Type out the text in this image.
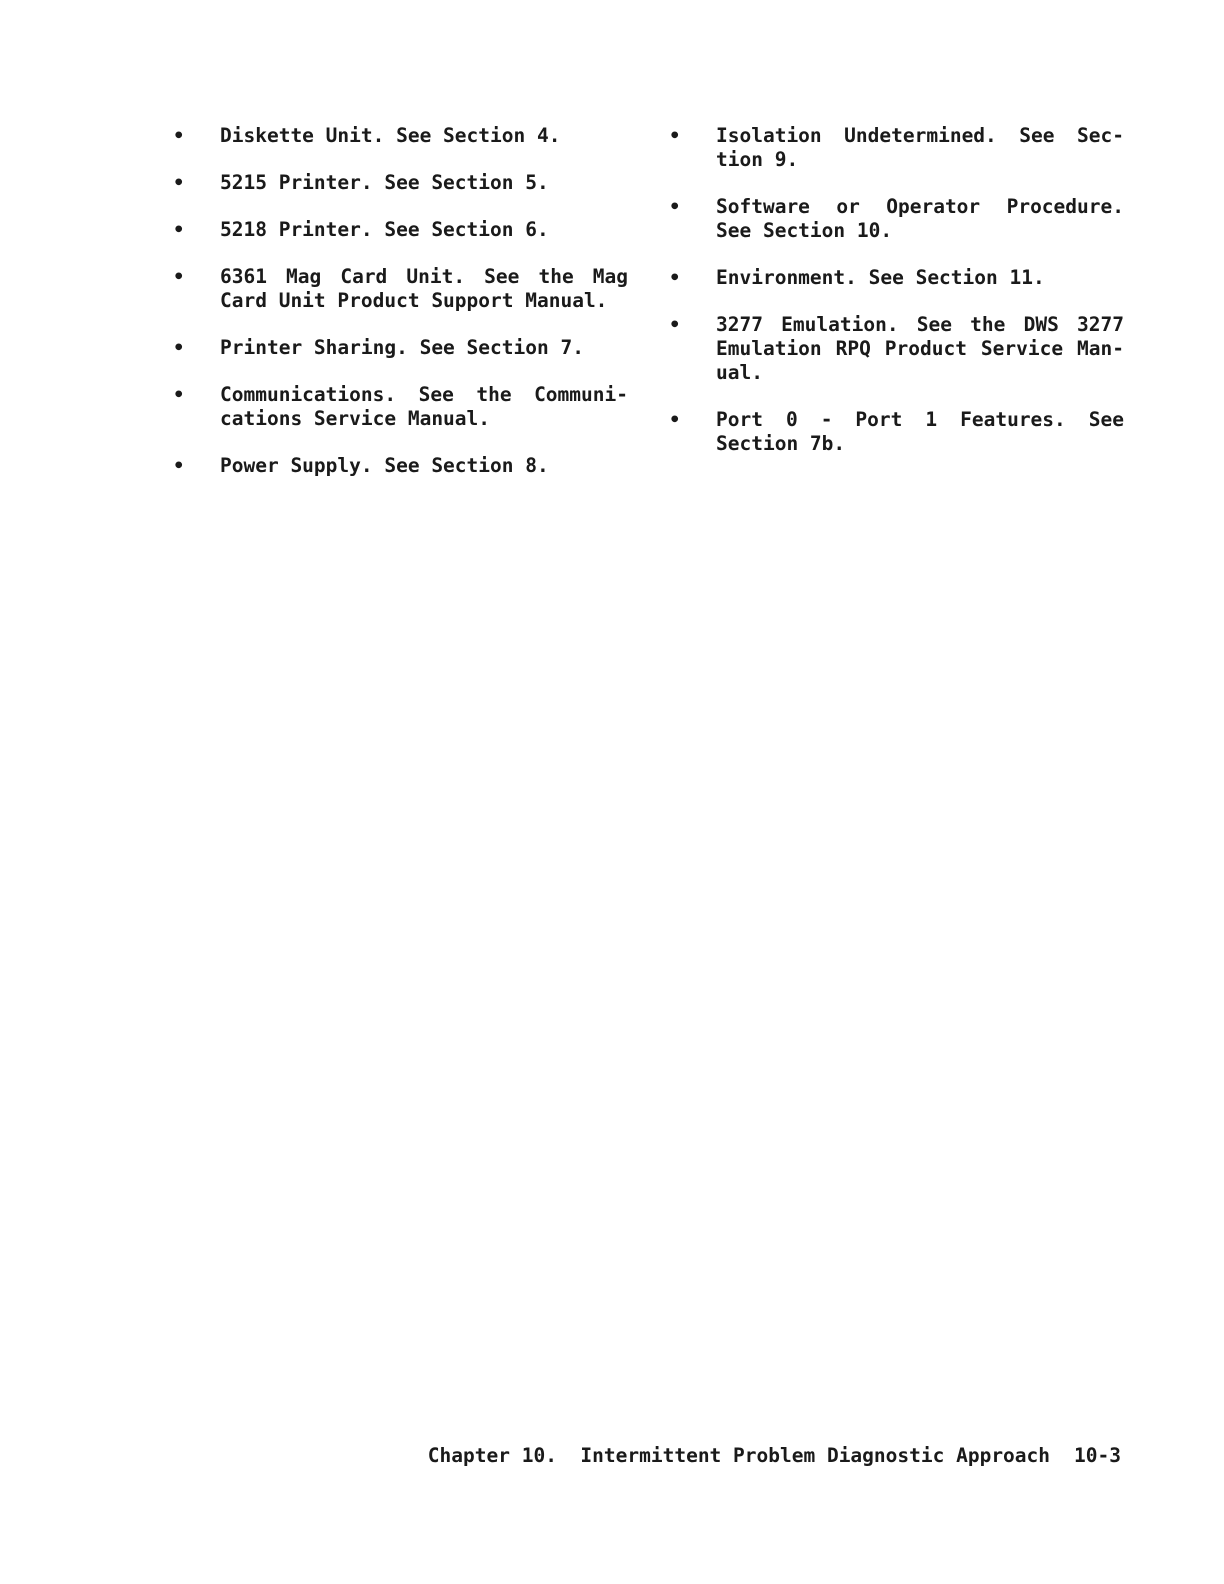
• Diskette Unit. See Section 4.
• 5215 Printer. See Section 5.
• 5218 Printer. See Section 6.
• 6361 Mag Card Unit. See the Mag Card Unit Product Support Manual.
• Printer Sharing. See Section 7.
• Communications. See the Communi-cations Service Manual.
• Power Supply. See Section 8.
• Isolation Undetermined. See Sec-tion 9.
• Software or Operator Procedure. See Section 10.
• Environment. See Section 11.
• 3277 Emulation. See the DWS 3277 Emulation RPQ Product Service Man-ual.
• Port 0 - Port 1 Features. See Section 7b.
Chapter 10.  Intermittent Problem Diagnostic Approach 10-3
